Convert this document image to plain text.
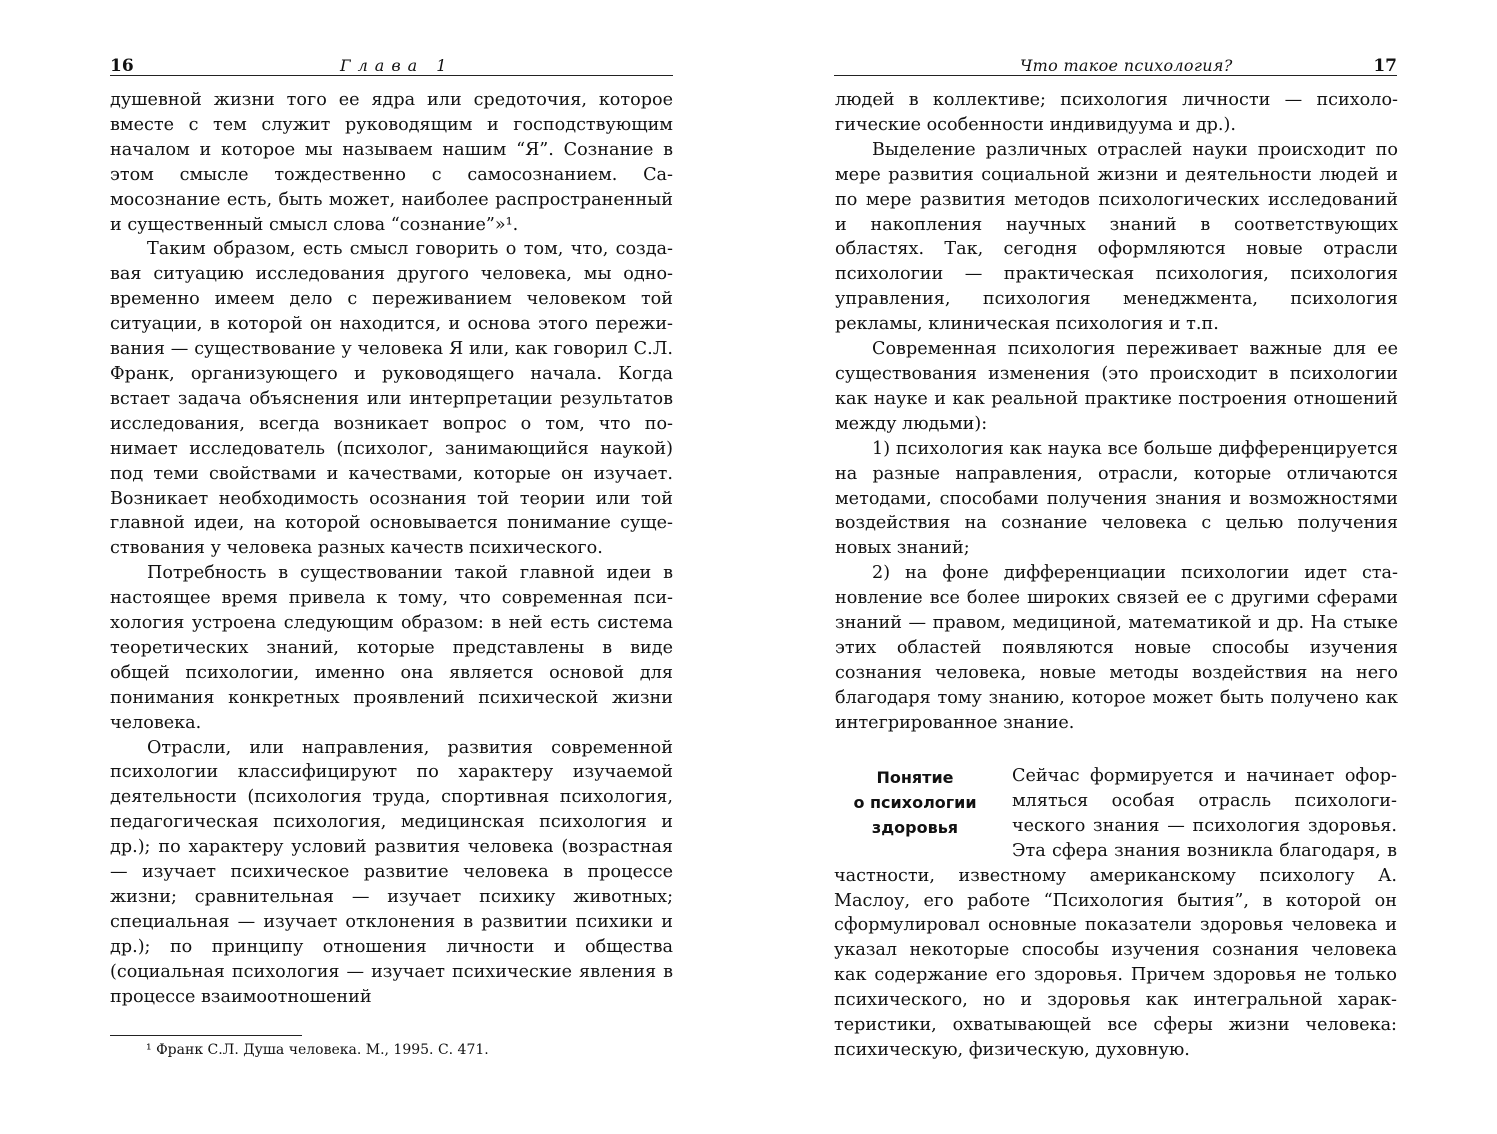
16	Глава 1

душевной жизни того ее ядра или средоточия, которое вместе с тем служит руководящим и господствующим началом и которое мы называем нашим “Я”. Сознание в этом смысле тождественно с самосознанием. Самосознание есть, быть может, наиболее распространенный и существенный смысл слова “сознание”»¹.

Таким образом, есть смысл говорить о том, что, создавая ситуацию исследования другого человека, мы одновременно имеем дело с переживанием человеком той ситуации, в которой он находится, и основа этого переживания — существование у человека Я или, как говорил С.Л. Франк, организующего и руководящего начала. Когда встает задача объяснения или интерпретации результатов исследования, всегда возникает вопрос о том, что понимает исследователь (психолог, занимающийся наукой) под теми свойствами и качествами, которые он изучает. Возникает необходимость осознания той теории или той главной идеи, на которой основывается понимание существования у человека разных качеств психического.

Потребность в существовании такой главной идеи в настоящее время привела к тому, что современная психология устроена следующим образом: в ней есть система теоретических знаний, которые представлены в виде общей психологии, именно она является основой для понимания конкретных проявлений психической жизни человека.

Отрасли, или направления, развития современной психологии классифицируют по характеру изучаемой деятельности (психология труда, спортивная психология, педагогическая психология, медицинская психология и др.); по характеру условий развития человека (возрастная — изучает психическое развитие человека в процессе жизни; сравнительная — изучает психику животных; специальная — изучает отклонения в развитии психики и др.); по принципу отношения личности и общества (социальная психология — изучает психические явления в процессе взаимоотношений

¹ Франк С.Л. Душа человека. М., 1995. С. 471.
Что такое психология?	17

людей в коллективе; психология личности — психологические особенности индивидуума и др.).

Выделение различных отраслей науки происходит по мере развития социальной жизни и деятельности людей и по мере развития методов психологических исследований и накопления научных знаний в соответствующих областях. Так, сегодня оформляются новые отрасли психологии — практическая психология, психология управления, психология менеджмента, психология рекламы, клиническая психология и т.п.

Современная психология переживает важные для ее существования изменения (это происходит в психологии как науке и как реальной практике построения отношений между людьми):

1) психология как наука все больше дифференцируется на разные направления, отрасли, которые отличаются методами, способами получения знания и возможностями воздействия на сознание человека с целью получения новых знаний;

2) на фоне дифференциации психологии идет становление все более широких связей ее с другими сферами знаний — правом, медициной, математикой и др. На стыке этих областей появляются новые способы изучения сознания человека, новые методы воздействия на него благодаря тому знанию, которое может быть получено как интегрированное знание.

Понятие
о психологии
здоровья

Сейчас формируется и начинает оформляться особая отрасль психологического знания — психология здоровья. Эта сфера знания возникла благодаря, в частности, известному американскому психологу А. Маслоу, его работе “Психология бытия”, в которой он сформулировал основные показатели здоровья человека и указал некоторые способы изучения сознания человека как содержание его здоровья. Причем здоровья не только психического, но и здоровья как интегральной характеристики, охватывающей все сферы жизни человека: психическую, физическую, духовную.
